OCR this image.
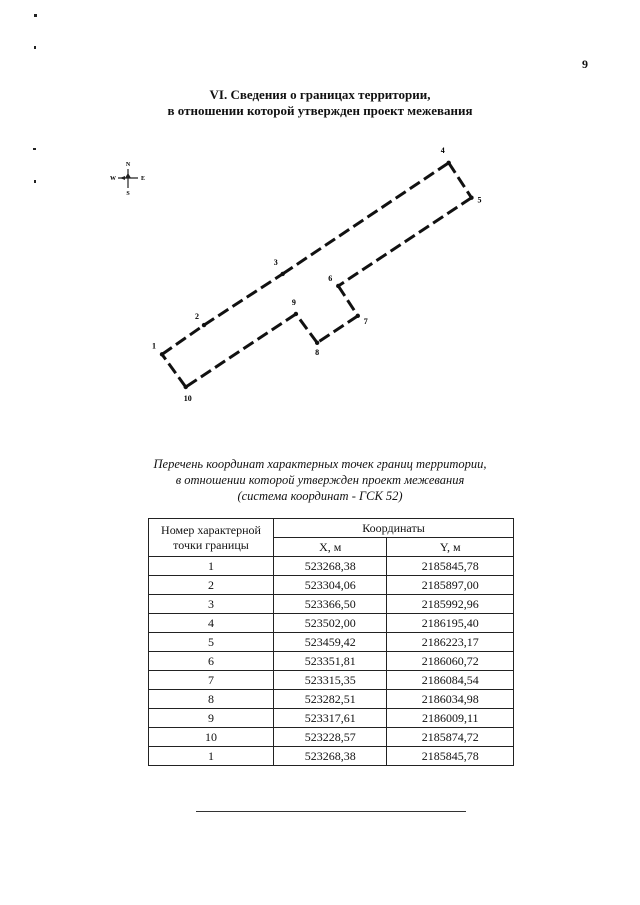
9
VI. Сведения о границах территории,
в отношении которой утвержден проект межевания
N
S
W	E
1
2
3
4
5
6
7
8
9
10
Перечень координат характерных точек границ территории,
в отношении которой утвержден проект межевания
(система координат - ГСК 52)
Номер характерной точки границы	Координаты	
	X, м	Y, м
1	523268,38	2185845,78
2	523304,06	2185897,00
3	523366,50	2185992,96
4	523502,00	2186195,40
5	523459,42	2186223,17
6	523351,81	2186060,72
7	523315,35	2186084,54
8	523282,51	2186034,98
9	523317,61	2186009,11
10	523228,57	2185874,72
1	523268,38	2185845,78
